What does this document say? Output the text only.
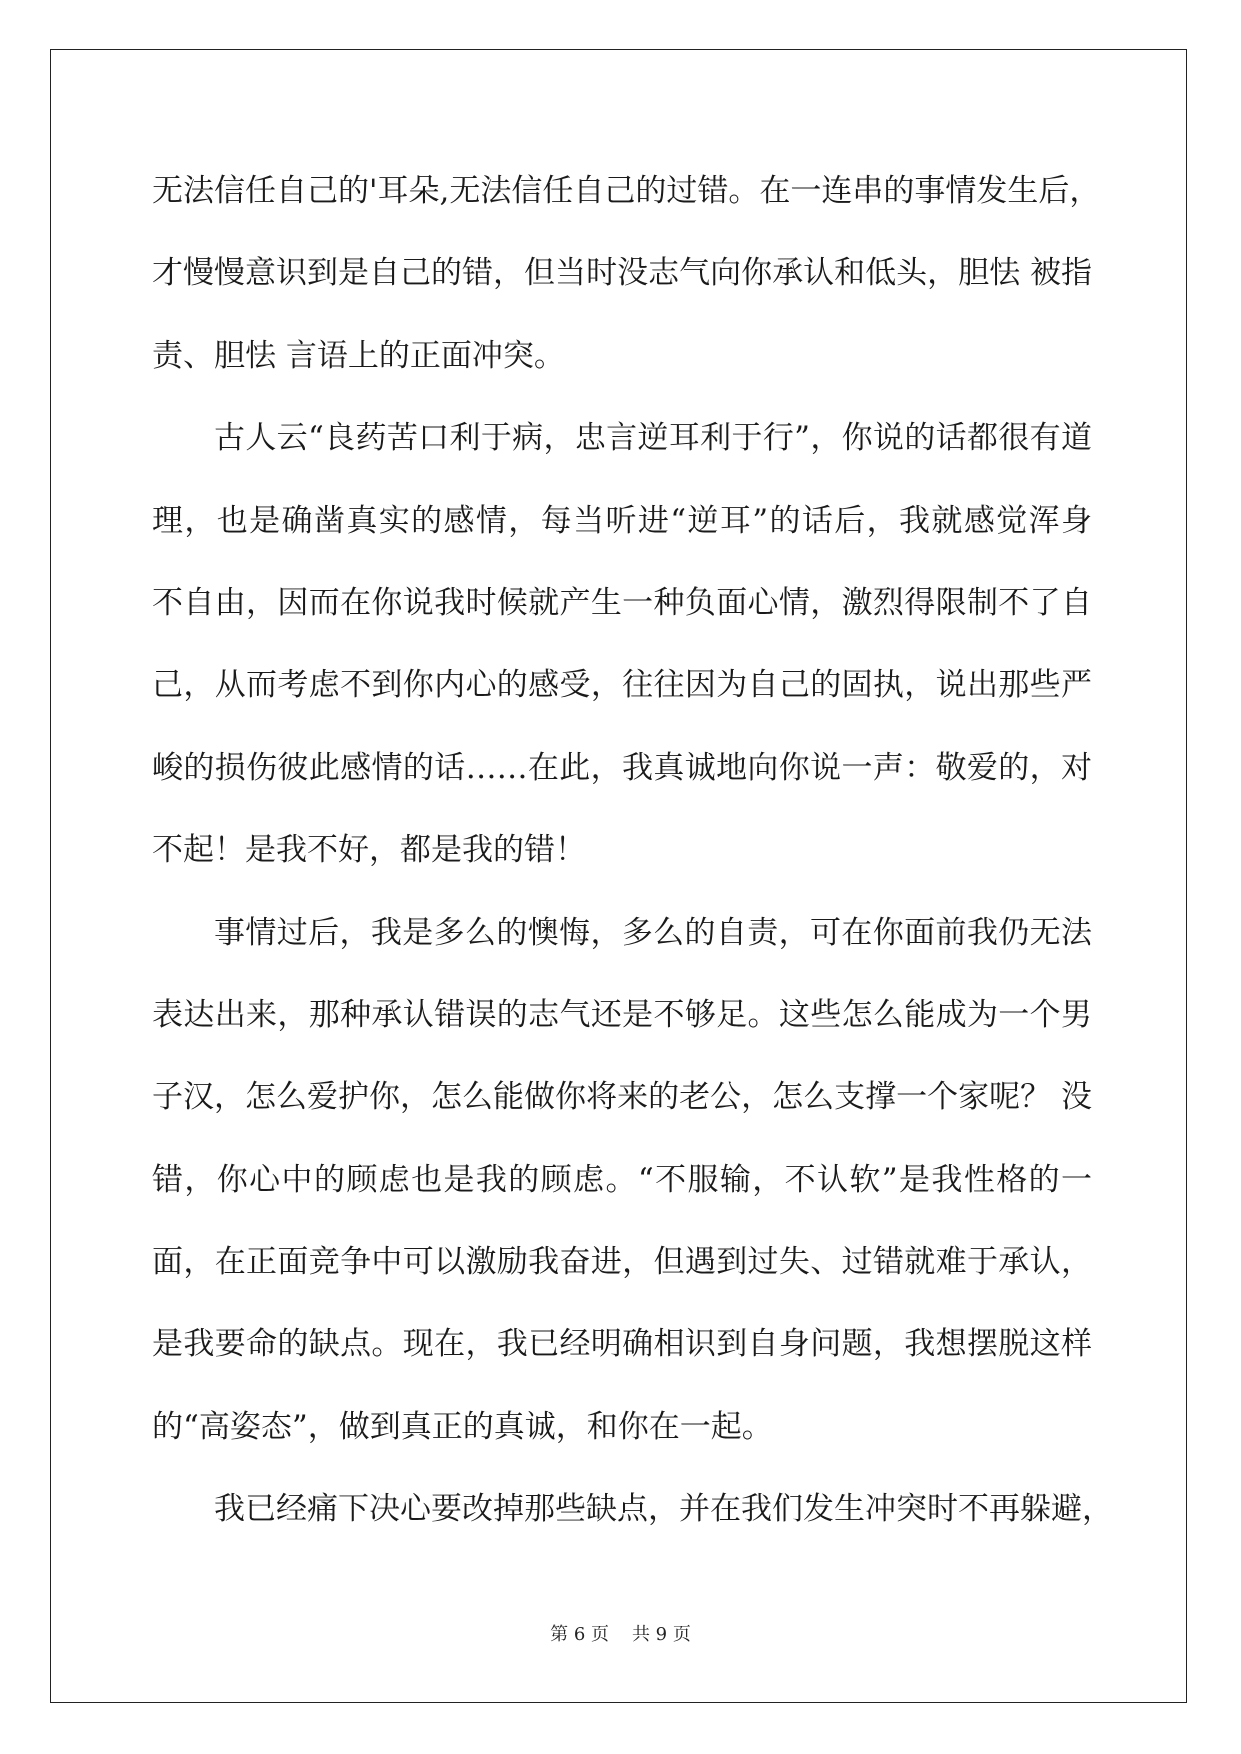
无法信任自己的'耳朵,无法信任自己的过错。在一连串的事情发生后，
才慢慢意识到是自己的错，但当时没志气向你承认和低头，胆怯 被指
责、胆怯 言语上的正面冲突。
古人云“良药苦口利于病，忠言逆耳利于行”，你说的话都很有道
理，也是确凿真实的感情，每当听进“逆耳”的话后，我就感觉浑身
不自由，因而在你说我时候就产生一种负面心情，激烈得限制不了自
己，从而考虑不到你内心的感受，往往因为自己的固执，说出那些严
峻的损伤彼此感情的话……在此，我真诚地向你说一声：敬爱的，对
不起！是我不好，都是我的错！
事情过后，我是多么的懊悔，多么的自责，可在你面前我仍无法
表达出来，那种承认错误的志气还是不够足。这些怎么能成为一个男
子汉，怎么爱护你，怎么能做你将来的老公，怎么支撑一个家呢？ 没
错，你心中的顾虑也是我的顾虑。“不服输，不认软”是我性格的一
面，在正面竞争中可以激励我奋进，但遇到过失、过错就难于承认，
是我要命的缺点。现在，我已经明确相识到自身问题，我想摆脱这样
的“高姿态”，做到真正的真诚，和你在一起。
我已经痛下决心要改掉那些缺点，并在我们发生冲突时不再躲避，
第 6 页 共 9 页
